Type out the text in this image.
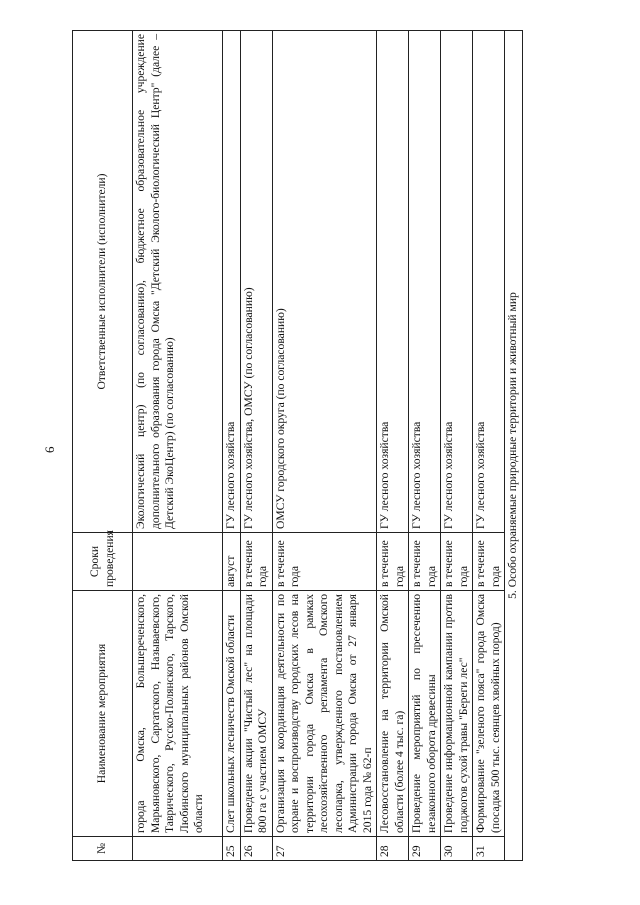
6
№	Наименование мероприятия	Сроки проведения	Ответственные исполнители (исполнители)
	города Омска, Большереченского, Марьяновского, Саргатского, Называевского, Таврического, Русско-Полянского, Тарского, Любинского муниципальных районов Омской области		Экологический центр) (по согласованию), бюджетное образовательное учреждение дополнительного образования города Омска "Детский Эколого-биологический Центр" (далее – Детский ЭкоЦентр) (по согласованию)
25	Слет школьных лесничеств Омской области	август	ГУ лесного хозяйства
26	Проведение акции "Чистый лес" на площади 800 га с участием ОМСУ	в течение года	ГУ лесного хозяйства, ОМСУ (по согласованию)
27	Организация и координация деятельности по охране и воспроизводству городских лесов на территории города Омска в рамках лесохозяйственного регламента Омского лесопарка, утвержденного постановлением Администрации города Омска от 27 января 2015 года № 62-п	в течение года	ОМСУ городского округа (по согласованию)
28	Лесовосстановление на территории Омской области (более 4 тыс. га)	в течение года	ГУ лесного хозяйства
29	Проведение мероприятий по пресечению незаконного оборота древесины	в течение года	ГУ лесного хозяйства
30	Проведение информационной кампании против поджогов сухой травы "Береги лес"	в течение года	ГУ лесного хозяйства
31	Формирование "зеленого пояса" города Омска (посадка 500 тыс. сеянцев хвойных пород)	в течение года	ГУ лесного хозяйства
5. Особо охраняемые природные территории и животный мир			
